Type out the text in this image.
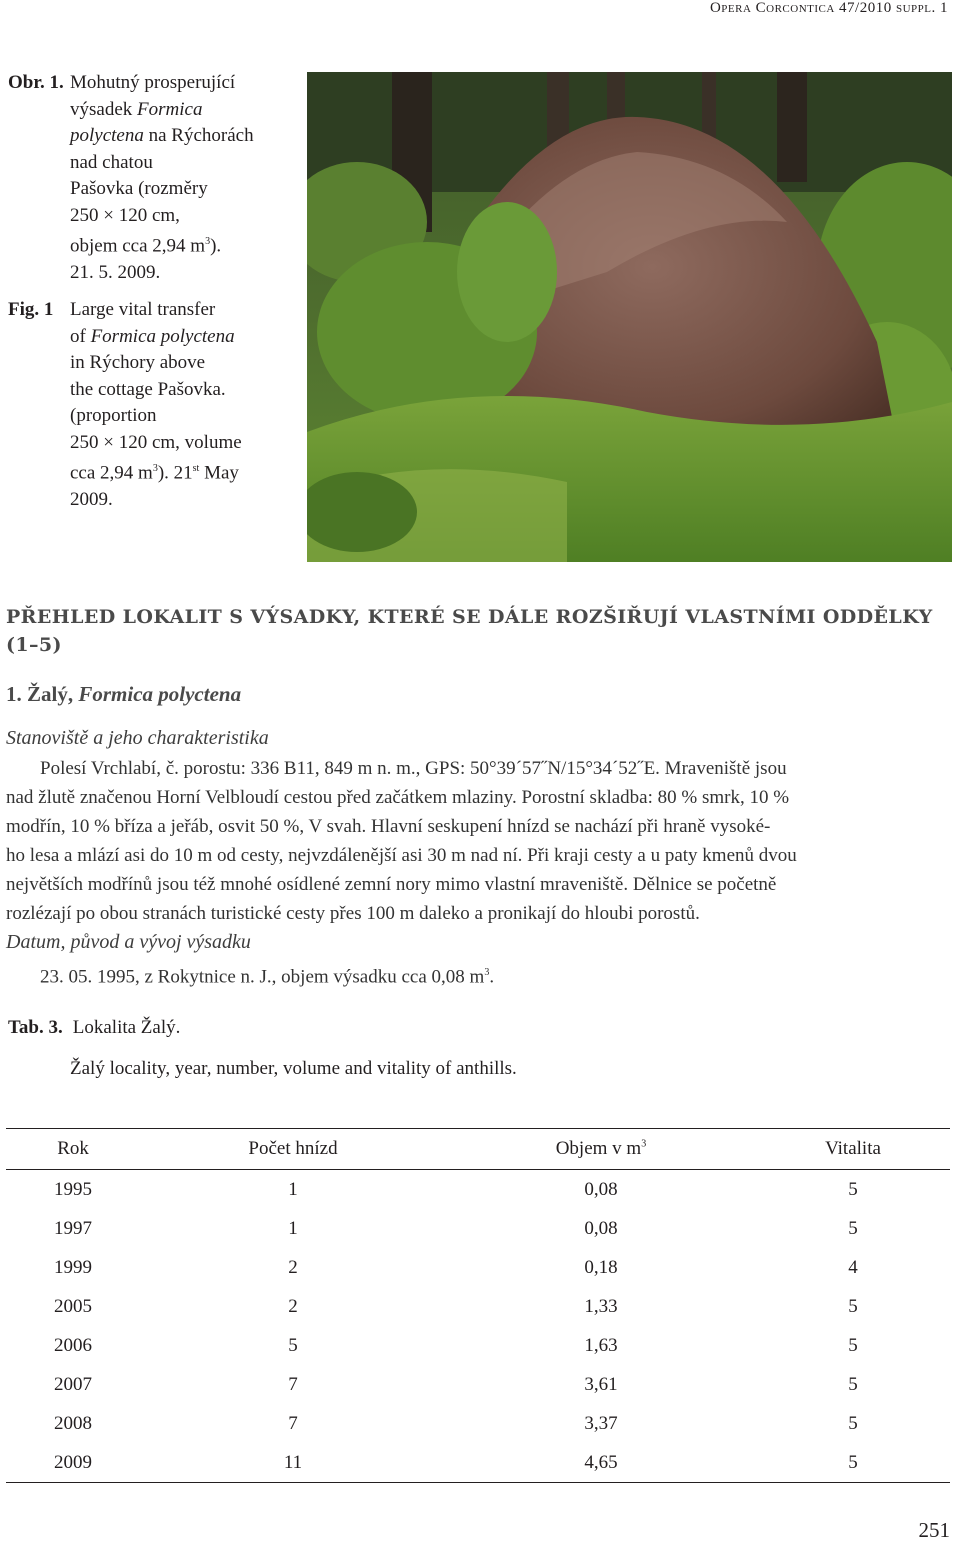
Opera Corcontica 47/2010 suppl. 1
Obr. 1. Mohutný prosperující
výsadek Formica
polyctena na Rýchorách
nad chatou
Pašovka (rozměry
250 × 120 cm,
objem cca 2,94 $m^3$).
21. 5. 2009.
Fig. 1 Large vital transfer
of Formica polyctena
in Rýchory above
the cottage Pašovka.
(proportion
250 × 120 cm, volume
cca 2,94 $m^3$). 21st May
2009.
PŘEHLED LOKALIT S VÝSADKY, KTERÉ SE DÁLE ROZŠIŘUJÍ VLASTNÍMI ODDĚLKY
(1–5)
1. Žalý, Formica polyctena
Stanoviště a jeho charakteristika
Polesí Vrchlabí, č. porostu: 336 B11, 849 m n. m., GPS: 50°39´57˝N/15°34´52˝E. Mraveniště jsou
nad žlutě značenou Horní Velbloudí cestou před začátkem mlaziny. Porostní skladba: 80 % smrk, 10 %
modřín, 10 % bříza a jeřáb, osvit 50 %, V svah. Hlavní seskupení hnízd se nachází při hraně vysoké-
ho lesa a mlází asi do 10 m od cesty, nejvzdálenější asi 30 m nad ní. Při kraji cesty a u paty kmenů dvou
největších modřínů jsou též mnohé osídlené zemní nory mimo vlastní mraveniště. Dělnice se početně
rozlézají po obou stranách turistické cesty přes 100 m daleko a pronikají do hloubi porostů.
Datum, původ a vývoj výsadku
23. 05. 1995, z Rokytnice n. J., objem výsadku cca 0,08 $m^3$.
Tab. 3. Lokalita Žalý.
Žalý locality, year, number, volume and vitality of anthills.
Rok	Počet hnízd	Objem v $m^3$	Vitalita
1995	1	0,08	5
1997	1	0,08	5
1999	2	0,18	4
2005	2	1,33	5
2006	5	1,63	5
2007	7	3,61	5
2008	7	3,37	5
2009	11	4,65	5
251
